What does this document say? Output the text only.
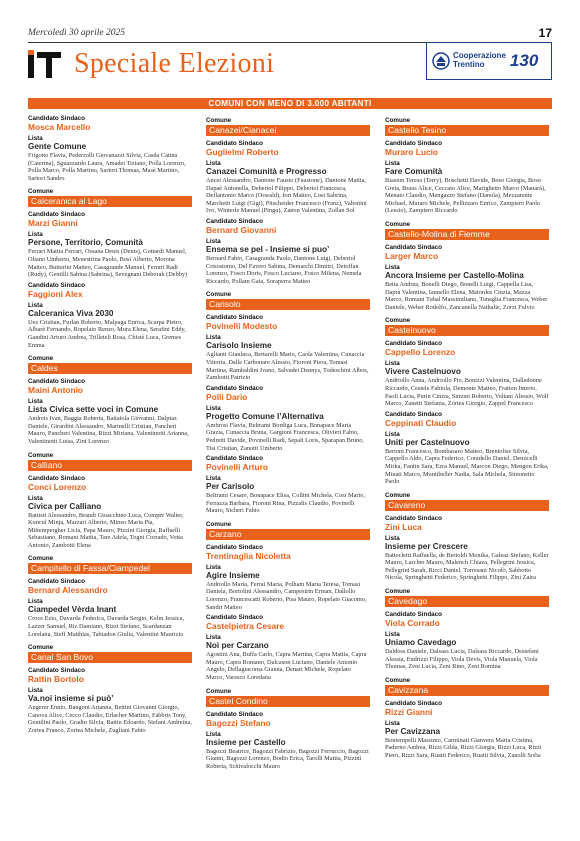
Mercoledì 30 aprile 2025	17
Speciale Elezioni	Cooperazione
Trentino	130
COMUNI CON MENO DI 3.000 ABITANTI
Candidato Sindaco
Mosca Marcello
Lista
Gente Comune
Frigotto Flavia, Pederzolli Giovanazzi Silvia, Casda Catina (Caterina), Sguazzardo Laura, Amadei Tiziano, Polla Lorenzo, Polla Marco, Polla Martino, Sartori Thomas, Masè Martino, Sartori Sandro
Comune
Calceranica al Lago
Candidato Sindaco
Marzi Gianni
Lista
Persone, Territorio, Comunità
Ferrari Mattia Ferrari, Ossana Denis (Denis), Gottardi Manuel, Oliano Umberto, Menestrina Paolo, Bosi Alberto, Morona Matteo, Butterini Matteo, Casagrande Manuel, Ferrari Radi (Rudy), Gentilli Sabina (Sabrina), Sevegnani Deborah (Debby)
Candidato Sindaco
Faggioni Alex
Lista
Calceranica Viva 2030
Uez Cristian, Furlan Roberto, Malpaga Enrica, Scarpa Pietro, Albarè Fernando, Ropelato Renzo, Mura Elena, Serafini Eddy, Gandini Arturo Andrea, Trilleteli Rosa, Chistè Luca, Gremes Emma
Comune
Caldes
Candidato Sindaco
Maini Antonio
Lista
Lista Civica sette voci in Comune
Andreis Ivan, Baggia Roberta, Battaiola Giovanni, Dalpiaz Daniele, Girardini Alessandro, Marinelli Cristian, Pancheri Mauro, Pancheri Valentina, Rizzi Miriana, Valentinotti Arianna, Valentinotti Luisa, Zini Lorenzo
Comune
Calliano
Candidato Sindaco
Conci Lorenzo
Lista
Civica per Calliano
Battisti Alessandro, Brandi Gioacchino Luca, Comper Walter, Koncul Minja, Marzari Alberto, Mineo Maria Pia, Mittempergher Licia, Papa Mauro, Pizzini Giorgia, Raffaelli Sebastiano, Romani Mattia, Tare Adela, Togni Corrado, Votta Antonio, Zambotti Elena
Comune
Campitello di Fassa/Ciampedel
Candidato Sindaco
Bernard Alessandro
Lista
Ciampedel Vèrda Inant
Croce Ezio, Davarda Federica, Davarda Sergio, Kelm Jessica, Lazzer Samuel, Riz Damiano, Rizzi Stefano, Scardanzan Lorelana, Steff Matthias, Tabiadon Giulia, Valentini Maurizio
Comune
Canal San Bovo
Candidato Sindaco
Rattin Bortolo
Lista
Va.noi insieme si può’
Angerer Ennio, Bangoni Arianna, Bettini Giovanni Giorgio, Canova Alice, Cecco Claudio, Erlacher Martino, Fabbris Tony, Gentilini Paolo, Gradin Silvia, Rattin Edoardo, Stefani Andreina, Zortea Franco, Zortea Michele, Zugliani Fabio
Comune
Canazei/Cianacei
Candidato Sindaco
Guglielmi Roberto
Lista
Canazei Comunità e Progresso
Ancei Alessandro, Dantone Fausto (Faustone), Dantone Mattia, Dapaè Antonella, Debertol Filippo, Debertol Francesca, Deflantonio Marco (Oswald), Iori Matteo, Losi Sabrina, Marchetti Luigi (Gigi), Pitscheider Francesco (Franz), Valentini Ivo, Winterle Manuel (Pingu), Zanon Valentina, Zollan Sol
Candidato Sindaco
Bernard Giovanni
Lista
Ensema se pel - Insieme si puo’
Bernard Fabio, Casagranda Paolo, Dantone Luigi, Debertol Crisostomo, Del Favero Sabina, Demarchi Dimitri, Detoffan Lorenzo, Fosco Doris, Fosco Luciano, Fosco Milena, Nemela Riccardo, Pollam Gaia, Soraperra Matteo
Comune
Carisolo
Candidato Sindaco
Povinelli Modesto
Lista
Carisolo Insieme
Aglianti Gianluca, Bertarelli Mario, Caola Valentina, Cunaccia Vittoria, Dalle Carbonare Alessio, Fioroni Piera, Tomasi Martina, Rambaldini Ivano, Salvadei Dennys, Todeschini Albos, Zambotti Patrizio
Candidato Sindaco
Polli Dario
Lista
Progetto Comune l’Alternativa
Ambrosi Flavia, Beltrami Bordiga Luca, Bonapace Maria Grazia, Cunaccia Bruna, Gargioni Francesca, Olivieri Fabio, Pedretti Davide, Povinelli Radi, Sepali Loris, Sparapan Bruno, Tisi Cristian, Zanotti Umberto
Candidato Sindaco
Povinelli Arturo
Lista
Per Carisolo
Beltrami Cesare, Bonapace Elisa, Collini Michela, Cosi Mario, Ferrazza Barbara, Fioroni Rina, Pizzalis Claudio, Povinelli Mauro, Sicheri Fabio
Comune
Carzano
Candidato Sindaco
Trentinaglia Nicoletta
Lista
Agire Insieme
Andriollo Maria, Ferrai Maria, Polham Maria Teresa, Tomasi Daniela, Bortolini Alessandro, Campestrin Erman, Dallollo Lorenzo, Francescatti Roberto, Pisa Mauro, Ropelato Giacomo, Sandri Matteo
Candidato Sindaco
Castelpietra Cesare
Lista
Noi per Carzano
Agostini Ana, Buffa Carlo, Capra Martina, Capra Mattia, Capra Mauro, Capra Romano, Dalcason Luciano, Daniele Antonio Angelo, Dellagiacoma Gianna, Denart Michele, Ropelato Marco, Varesco Loredana
Comune
Castel Condino
Candidato Sindaco
Bagozzi Stefano
Lista
Insieme per Castello
Bagozzi Beatrice, Bagozzi Fabrizio, Bagozzi Ferruccio, Bagozzi Gianni, Bagozzi Lorenzo, Bodio Erica, Tarolli Mattia, Pizzini Roberta, Schivalocchi Mauro
Comune
Castello Tesino
Candidato Sindaco
Muraro Lucio
Lista
Fare Comunità
Biasion Teresa (Terry), Boschetti Davide, Boso Giorgia, Boso Greta, Braus Alice, Ceccato Alice, Marighetto Marco (Manarà), Menato Claudio, Mengazzo Stefano (Danola), Mezzanotte Michael, Muraro Michele, Pellizzaro Enrico, Zampiero Paolo (Lessio), Zampiero Riccardo
Comune
Castello-Molina di Fiemme
Candidato Sindaco
Larger Marco
Lista
Ancora Insieme per Castello-Molina
Betta Andrea, Bonelli Diego, Bonelli Luigi, Cappella Lisa, Daprà Valentina, Iannello Elena, Matordes Cinzia, Mazza Marco, Romani Tubal Massimiliano, Tonaglia Francesca, Weber Daniele, Weber Rodolfo, Zancanella Nathalie, Zorzi Fulvio
Comune
Castelnuovo
Candidato Sindaco
Cappello Lorenzo
Lista
Vivere Castelnuovo
Andriollo Anna, Andriollo Pio, Bonizzi Valentina, Dalledonne Riccardo, Cestele Fabiola, Demonte Matteo, Fratton Imerio, Paoli Lucia, Purin Cinzia, Simoni Roberto, Voltani Alessio, Wolf Marco, Zanetti Stefania, Zortea Giorgio, Zappel Francesco
Candidato Sindaco
Ceppinati Claudio
Lista
Uniti per Castelnuovo
Bertoni Francesco, Bombasaro Matteo, Brentolise Silvia, Cappello Aldo, Capra Federico, Coradello Daniel, Demicelli Mirka, Fantin Sara, Ezra Manuel, Marcon Diego, Mengon Erika, Minati Marco, Montibeller Nadia, Sala Michela, Simonetto Paolo
Comune
Cavareno
Candidato Sindaco
Zini Luca
Lista
Insieme per Crescere
Battocletti Raffaella, de Bertoldi Monika, Galeaz Stefano, Keller Mauro, Larcher Mauro, Malench Chiaza, Pellegrini Jessica, Pellegrini Sarah, Ricci Daniel, Torresani Nicolò, Sabbotto Nicola, Springhetti Federico, Springhetti Filippo, Zini Zaira
Comune
Cavedago
Candidato Sindaco
Viola Corrado
Lista
Uniamo Cavedago
Daldoss Daniele, Dalsass Lucia, Dalsass Riccardo, Destefani Alessia, Endrizzi Filippo, Viola Devis, Viola Manuela, Viola Thomas, Zeni Lucia, Zeni Rino, Zeni Romina
Comune
Cavizzana
Candidato Sindaco
Rizzi Gianni
Lista
Per Cavizzana
Bontempelli Massimo, Carminati Gianvera Maria Cristina, Paderno Andrea, Rizzi Gilda, Rizzi Giorgia, Rizzi Luca, Rizzi Piero, Rizzi Sara, Ruatti Federico, Ruatti Silvia, Zanolli Sofia
